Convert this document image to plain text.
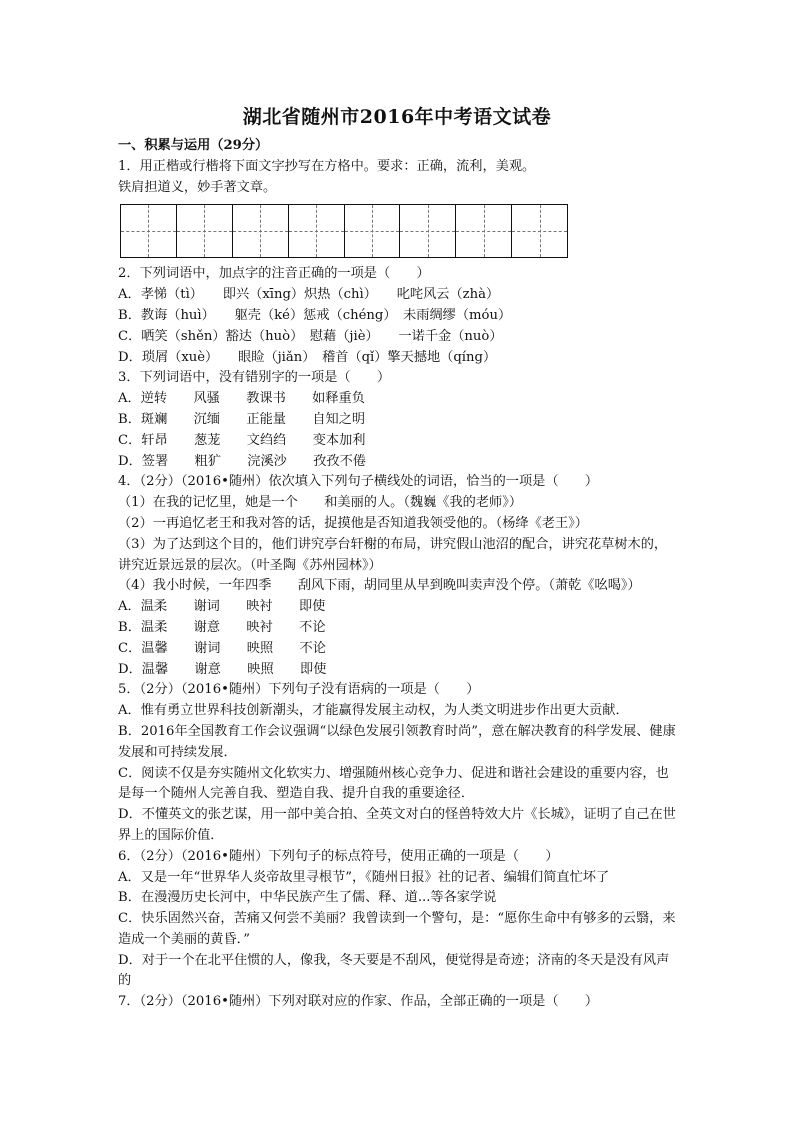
湖北省随州市2016年中考语文试卷
一、积累与运用（29分）
1．用正楷或行楷将下面文字抄写在方格中。要求：正确，流利，美观。
铁肩担道义，妙手著文章。
2．下列词语中，加点字的注音正确的一项是（　　）
A．孝悌（tì）　　即兴（xīng）炽热（chì）　　叱咤风云（zhà）
B．教诲（huì）　　躯壳（ké）惩戒（chéng）　未雨绸缪（móu）
C．哂笑（shěn）豁达（huò）　慰藉（jiè）　　一诺千金（nuò）
D．琐屑（xuè）　　眼睑（jiǎn）　稽首（qǐ）擎天撼地（qíng）
3．下列词语中，没有错别字的一项是（　　）
A．逆转　　风骚　　教课书　　如释重负
B．斑斓　　沉缅　　正能量　　自知之明
C．轩昂　　葱茏　　文绉绉　　变本加利
D．签署　　粗犷　　浣溪沙　　孜孜不倦
4．（2分）（2016•随州）依次填入下列句子横线处的词语，恰当的一项是（　　）
（1）在我的记忆里，她是一个　　和美丽的人。（魏巍《我的老师》）
（2）一再追忆老王和我对答的话，捉摸他是否知道我领受他的。（杨绛《老王》）
（3）为了达到这个目的，他们讲究亭台轩榭的布局，讲究假山池沼的配合，讲究花草树木的，讲究近景远景的层次。（叶圣陶《苏州园林》）
（4）我小时候，一年四季　　刮风下雨，胡同里从早到晚叫卖声没个停。（萧乾《吆喝》）
A．温柔　　谢词　　映衬　　即使
B．温柔　　谢意　　映衬　　不论
C．温馨　　谢词　　映照　　不论
D．温馨　　谢意　　映照　　即使
5．（2分）（2016•随州）下列句子没有语病的一项是（　　）
A．惟有勇立世界科技创新潮头，才能赢得发展主动权，为人类文明进步作出更大贡献．
B．2016年全国教育工作会议强调“以绿色发展引领教育时尚”，意在解决教育的科学发展、健康发展和可持续发展．
C．阅读不仅是夯实随州文化软实力、增强随州核心竞争力、促进和谐社会建设的重要内容，也是每一个随州人完善自我、塑造自我、提升自我的重要途径．
D．不懂英文的张艺谋，用一部中美合拍、全英文对白的怪兽特效大片《长城》，证明了自己在世界上的国际价值．
6．（2分）（2016•随州）下列句子的标点符号，使用正确的一项是（　　）
A．又是一年“世界华人炎帝故里寻根节”，《随州日报》社的记者、编辑们简直忙坏了
B．在漫漫历史长河中，中华民族产生了儒、释、道...等各家学说
C．快乐固然兴奋，苦痛又何尝不美丽？我曾读到一个警句，是：“愿你生命中有够多的云翳，来造成一个美丽的黄昏．”
D．对于一个在北平住惯的人，像我，冬天要是不刮风，便觉得是奇迹；济南的冬天是没有风声的
7．（2分）（2016•随州）下列对联对应的作家、作品，全部正确的一项是（　　）
